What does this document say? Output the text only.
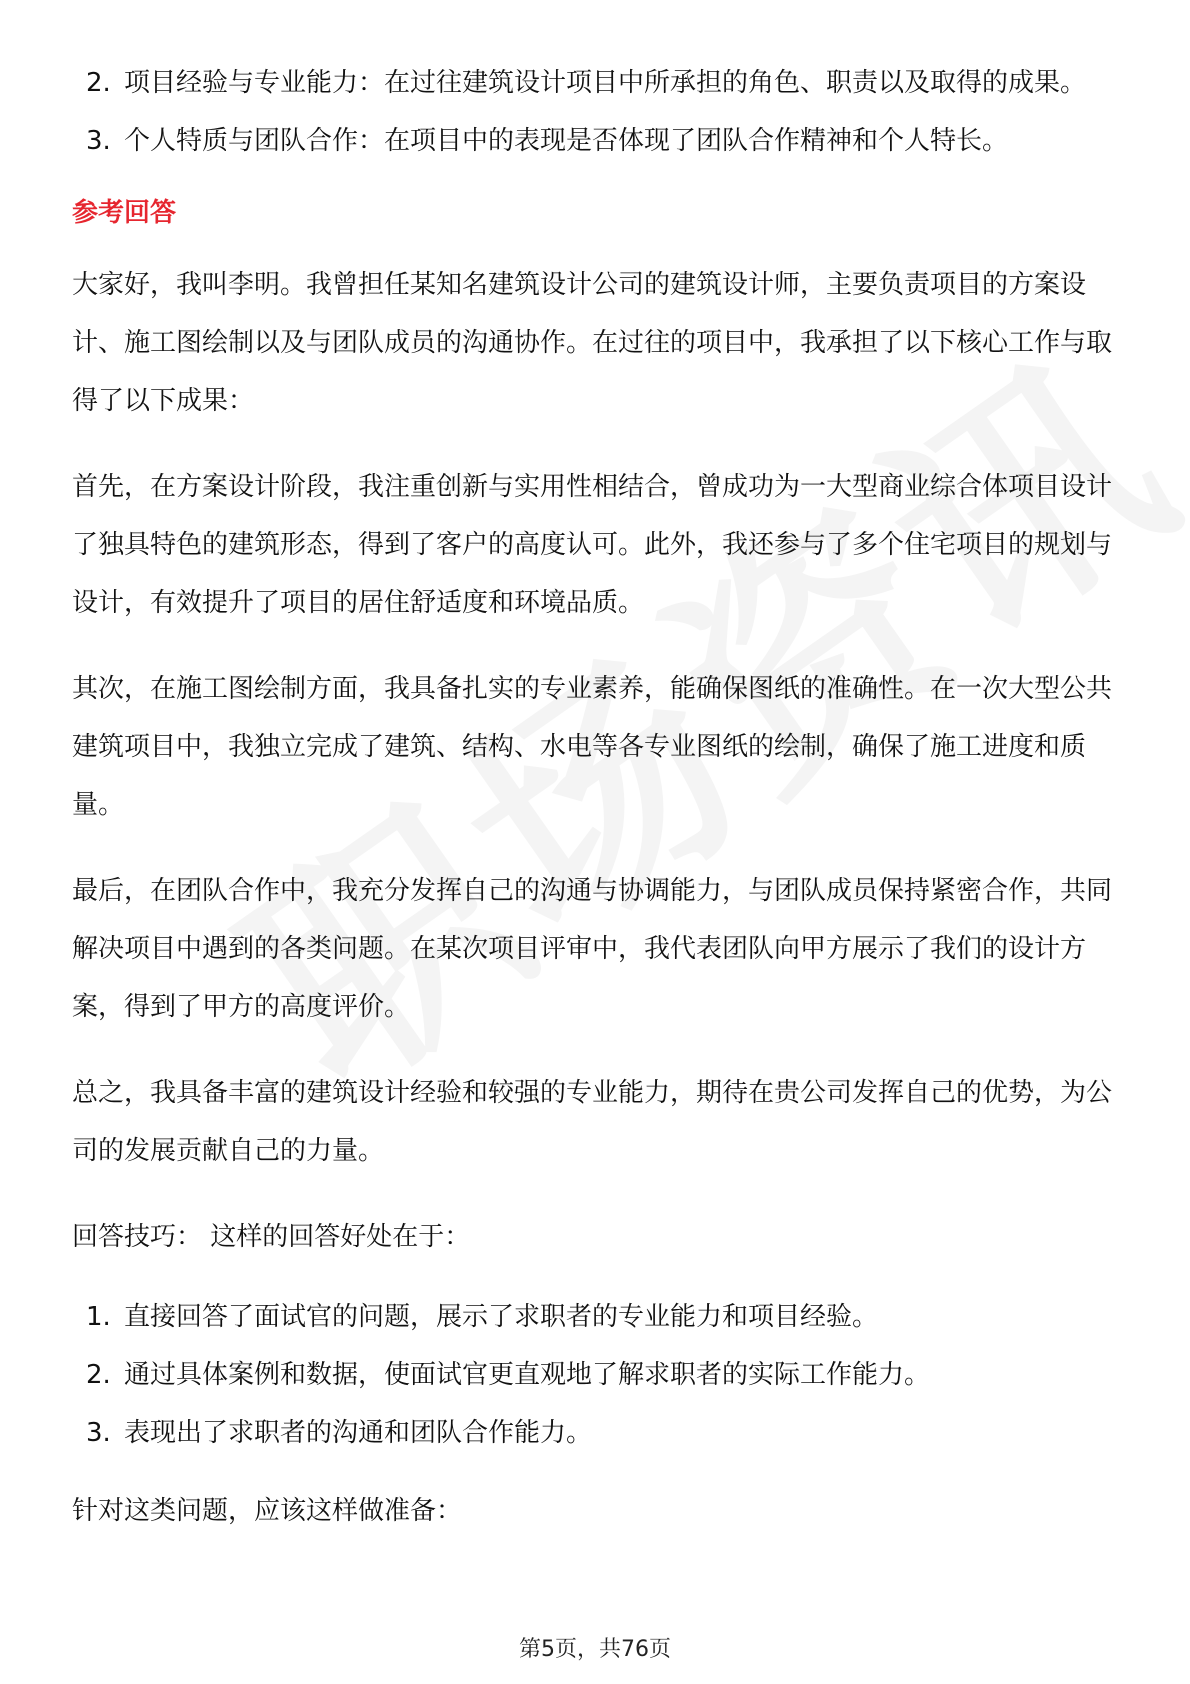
2. 项目经验与专业能力：在过往建筑设计项目中所承担的角色、职责以及取得的成果。
3. 个人特质与团队合作：在项目中的表现是否体现了团队合作精神和个人特长。
参考回答

大家好，我叫李明。我曾担任某知名建筑设计公司的建筑设计师，主要负责项目的方案设计、施工图绘制以及与团队成员的沟通协作。在过往的项目中，我承担了以下核心工作与取得了以下成果：

首先，在方案设计阶段，我注重创新与实用性相结合，曾成功为一大型商业综合体项目设计了独具特色的建筑形态，得到了客户的高度认可。此外，我还参与了多个住宅项目的规划与设计，有效提升了项目的居住舒适度和环境品质。

其次，在施工图绘制方面，我具备扎实的专业素养，能确保图纸的准确性。在一次大型公共建筑项目中，我独立完成了建筑、结构、水电等各专业图纸的绘制，确保了施工进度和质量。

最后，在团队合作中，我充分发挥自己的沟通与协调能力，与团队成员保持紧密合作，共同解决项目中遇到的各类问题。在某次项目评审中，我代表团队向甲方展示了我们的设计方案，得到了甲方的高度评价。

总之，我具备丰富的建筑设计经验和较强的专业能力，期待在贵公司发挥自己的优势，为公司的发展贡献自己的力量。

回答技巧： 这样的回答好处在于：

1. 直接回答了面试官的问题，展示了求职者的专业能力和项目经验。
2. 通过具体案例和数据，使面试官更直观地了解求职者的实际工作能力。
3. 表现出了求职者的沟通和团队合作能力。

针对这类问题，应该这样做准备：

第5页，共76页
